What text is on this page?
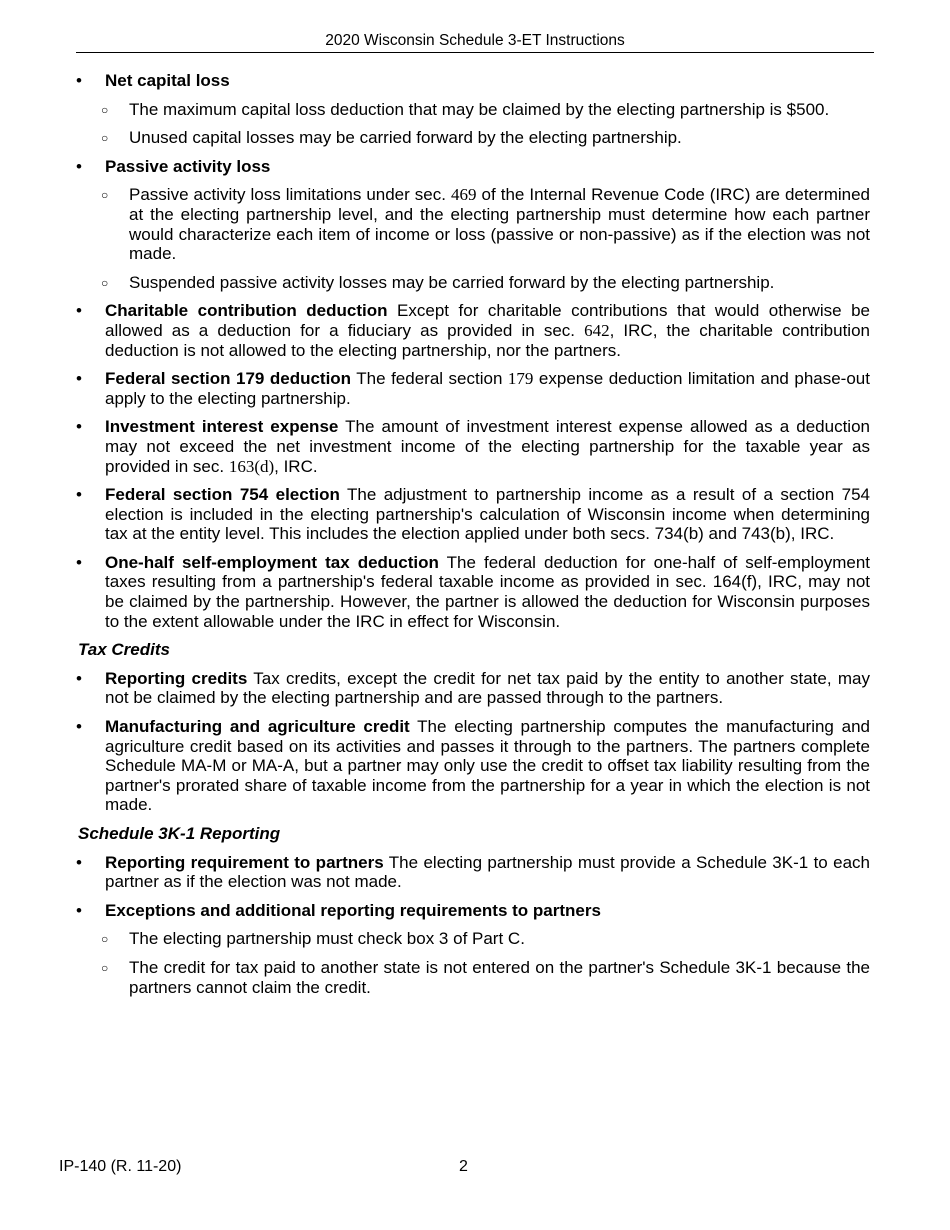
2020 Wisconsin Schedule 3-ET Instructions
• Net capital loss
○ The maximum capital loss deduction that may be claimed by the electing partnership is $500.
○ Unused capital losses may be carried forward by the electing partnership.
• Passive activity loss
○ Passive activity loss limitations under sec. 469 of the Internal Revenue Code (IRC) are determined at the electing partnership level, and the electing partnership must determine how each partner would characterize each item of income or loss (passive or non-passive) as if the election was not made.
○ Suspended passive activity losses may be carried forward by the electing partnership.
• Charitable contribution deduction Except for charitable contributions that would otherwise be allowed as a deduction for a fiduciary as provided in sec. 642, IRC, the charitable contribution deduction is not allowed to the electing partnership, nor the partners.
• Federal section 179 deduction The federal section 179 expense deduction limitation and phase-out apply to the electing partnership.
• Investment interest expense The amount of investment interest expense allowed as a deduction may not exceed the net investment income of the electing partnership for the taxable year as provided in sec. 163(d), IRC.
• Federal section 754 election The adjustment to partnership income as a result of a section 754 election is included in the electing partnership's calculation of Wisconsin income when determining tax at the entity level. This includes the election applied under both secs. 734(b) and 743(b), IRC.
• One-half self-employment tax deduction The federal deduction for one-half of self-employment taxes resulting from a partnership's federal taxable income as provided in sec. 164(f), IRC, may not be claimed by the partnership. However, the partner is allowed the deduction for Wisconsin purposes to the extent allowable under the IRC in effect for Wisconsin.
Tax Credits
• Reporting credits Tax credits, except the credit for net tax paid by the entity to another state, may not be claimed by the electing partnership and are passed through to the partners.
• Manufacturing and agriculture credit The electing partnership computes the manufacturing and agriculture credit based on its activities and passes it through to the partners. The partners complete Schedule MA-M or MA-A, but a partner may only use the credit to offset tax liability resulting from the partner's prorated share of taxable income from the partnership for a year in which the election is not made.
Schedule 3K-1 Reporting
• Reporting requirement to partners The electing partnership must provide a Schedule 3K-1 to each partner as if the election was not made.
• Exceptions and additional reporting requirements to partners
○ The electing partnership must check box 3 of Part C.
○ The credit for tax paid to another state is not entered on the partner's Schedule 3K-1 because the partners cannot claim the credit.
IP-140 (R. 11-20)	2
